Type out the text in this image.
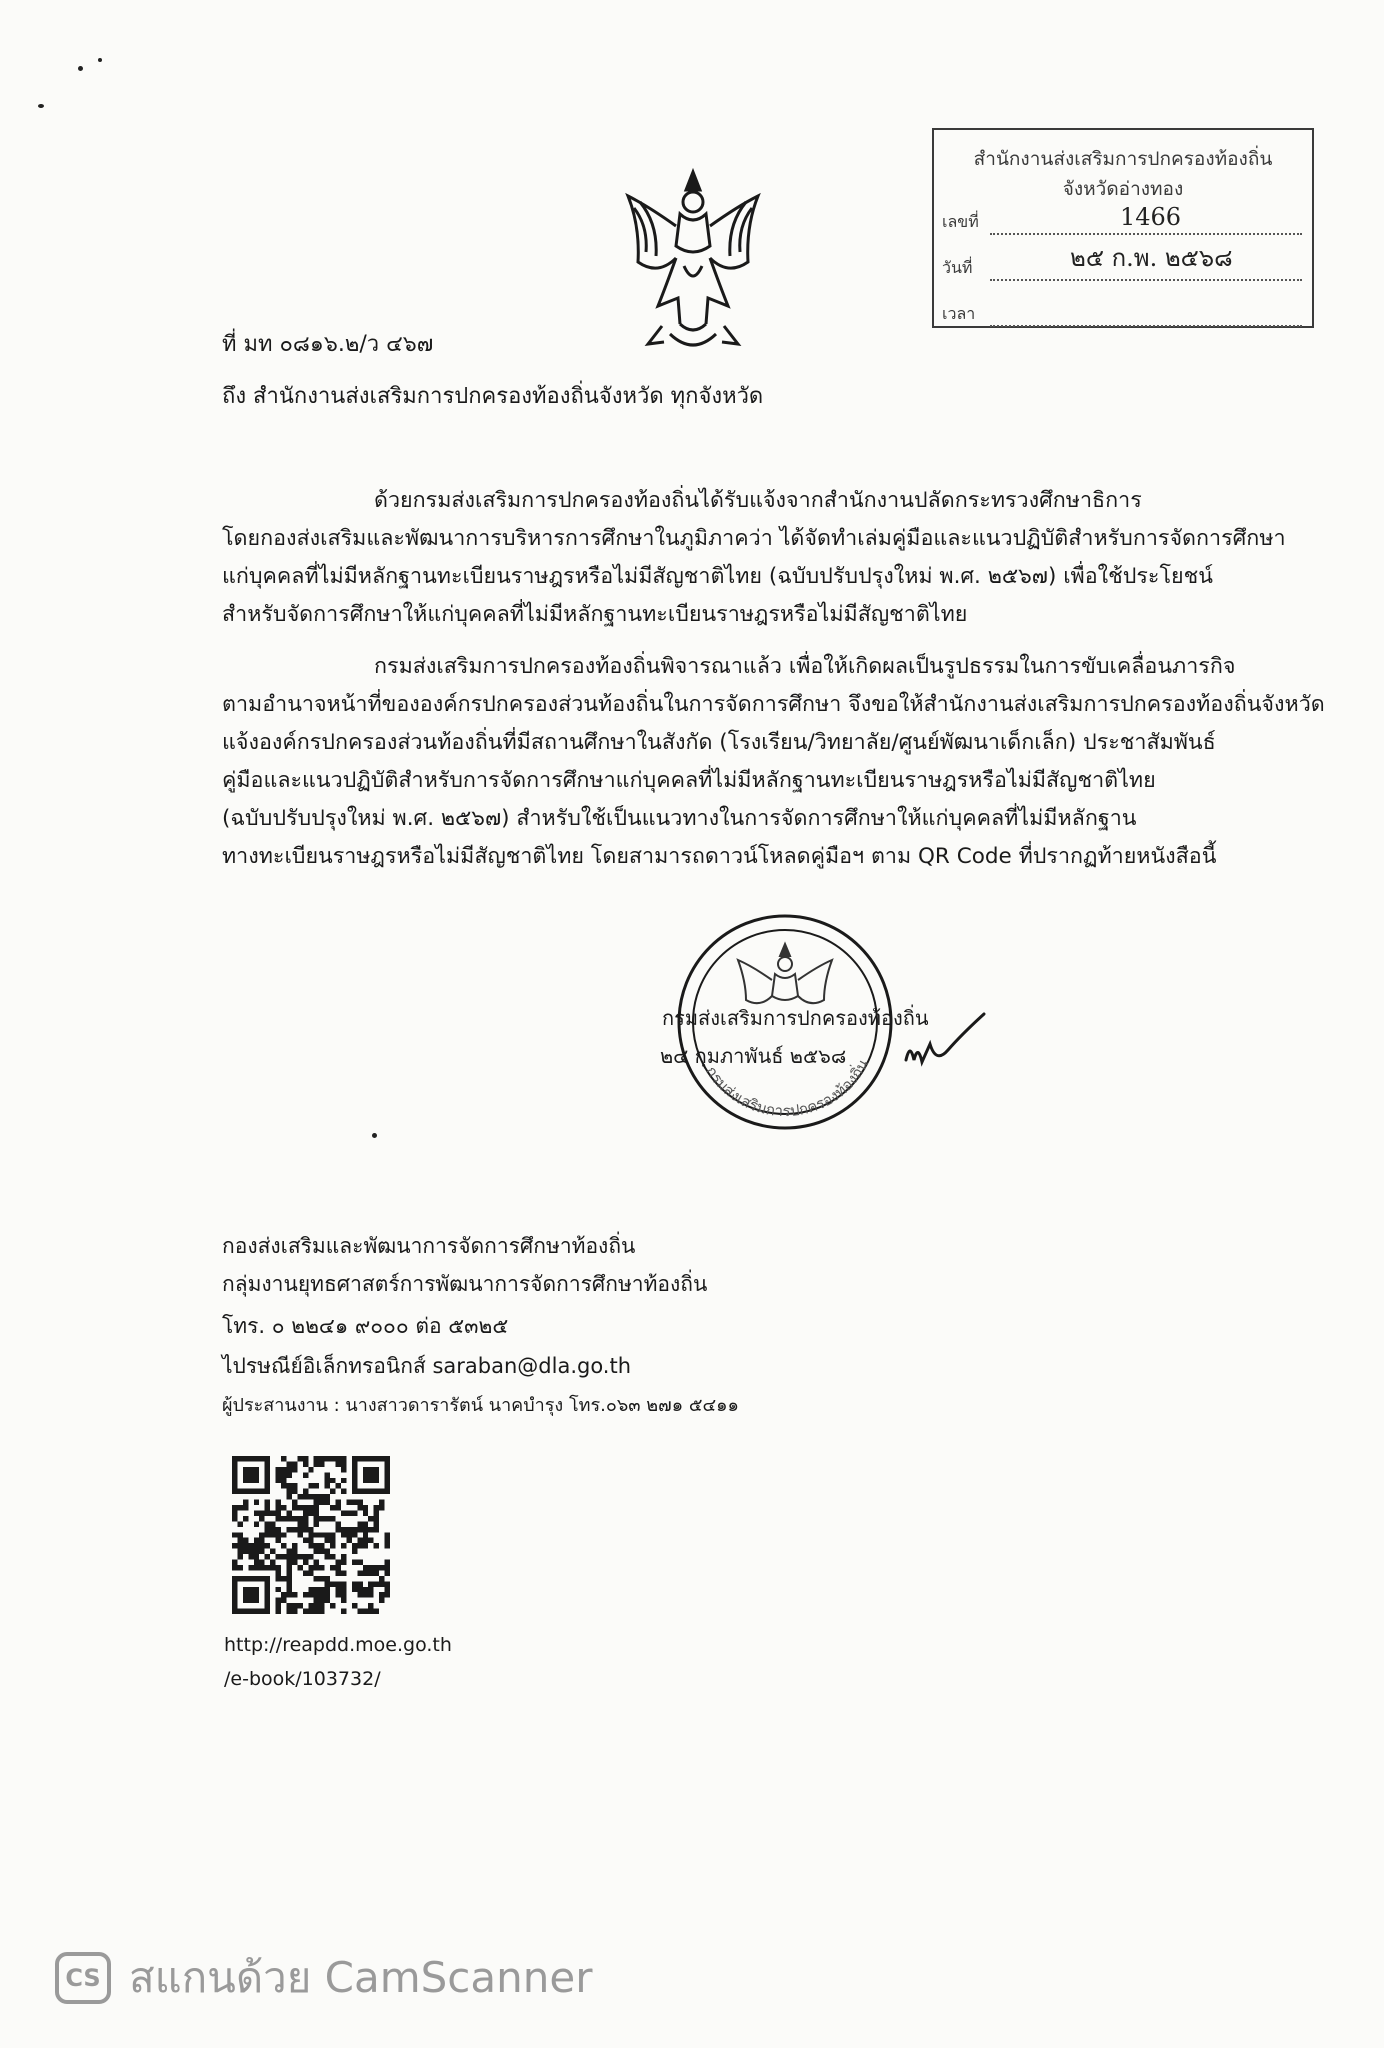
สำนักงานส่งเสริมการปกครองท้องถิ่น
จังหวัดอ่างทอง
เลขที่	1466
วันที่	๒๕ ก.พ. ๒๕๖๘
เวลา
ที่ มท ๐๘๑๖.๒/ว ๔๖๗
ถึง สำนักงานส่งเสริมการปกครองท้องถิ่นจังหวัด ทุกจังหวัด
ด้วยกรมส่งเสริมการปกครองท้องถิ่นได้รับแจ้งจากสำนักงานปลัดกระทรวงศึกษาธิการ
โดยกองส่งเสริมและพัฒนาการบริหารการศึกษาในภูมิภาคว่า ได้จัดทำเล่มคู่มือและแนวปฏิบัติสำหรับการจัดการศึกษา
แก่บุคคลที่ไม่มีหลักฐานทะเบียนราษฎรหรือไม่มีสัญชาติไทย (ฉบับปรับปรุงใหม่ พ.ศ. ๒๕๖๗) เพื่อใช้ประโยชน์
สำหรับจัดการศึกษาให้แก่บุคคลที่ไม่มีหลักฐานทะเบียนราษฎรหรือไม่มีสัญชาติไทย
กรมส่งเสริมการปกครองท้องถิ่นพิจารณาแล้ว เพื่อให้เกิดผลเป็นรูปธรรมในการขับเคลื่อนภารกิจ
ตามอำนาจหน้าที่ขององค์กรปกครองส่วนท้องถิ่นในการจัดการศึกษา จึงขอให้สำนักงานส่งเสริมการปกครองท้องถิ่นจังหวัด
แจ้งองค์กรปกครองส่วนท้องถิ่นที่มีสถานศึกษาในสังกัด (โรงเรียน/วิทยาลัย/ศูนย์พัฒนาเด็กเล็ก) ประชาสัมพันธ์
คู่มือและแนวปฏิบัติสำหรับการจัดการศึกษาแก่บุคคลที่ไม่มีหลักฐานทะเบียนราษฎรหรือไม่มีสัญชาติไทย
(ฉบับปรับปรุงใหม่ พ.ศ. ๒๕๖๗) สำหรับใช้เป็นแนวทางในการจัดการศึกษาให้แก่บุคคลที่ไม่มีหลักฐาน
ทางทะเบียนราษฎรหรือไม่มีสัญชาติไทย โดยสามารถดาวน์โหลดคู่มือฯ ตาม QR Code ที่ปรากฏท้ายหนังสือนี้
กรมส่งเสริมการปกครองท้องถิ่น
กรมส่งเสริมการปกครองท้องถิ่น
๒๔ กุมภาพันธ์ ๒๕๖๘
กองส่งเสริมและพัฒนาการจัดการศึกษาท้องถิ่น
กลุ่มงานยุทธศาสตร์การพัฒนาการจัดการศึกษาท้องถิ่น
โทร. ๐ ๒๒๔๑ ๙๐๐๐ ต่อ ๕๓๒๕
ไปรษณีย์อิเล็กทรอนิกส์ saraban@dla.go.th
ผู้ประสานงาน : นางสาวดารารัตน์ นาคบำรุง โทร.๐๖๓ ๒๗๑ ๕๔๑๑
http://reapdd.moe.go.th
/e-book/103732/
CS สแกนด้วย CamScanner
